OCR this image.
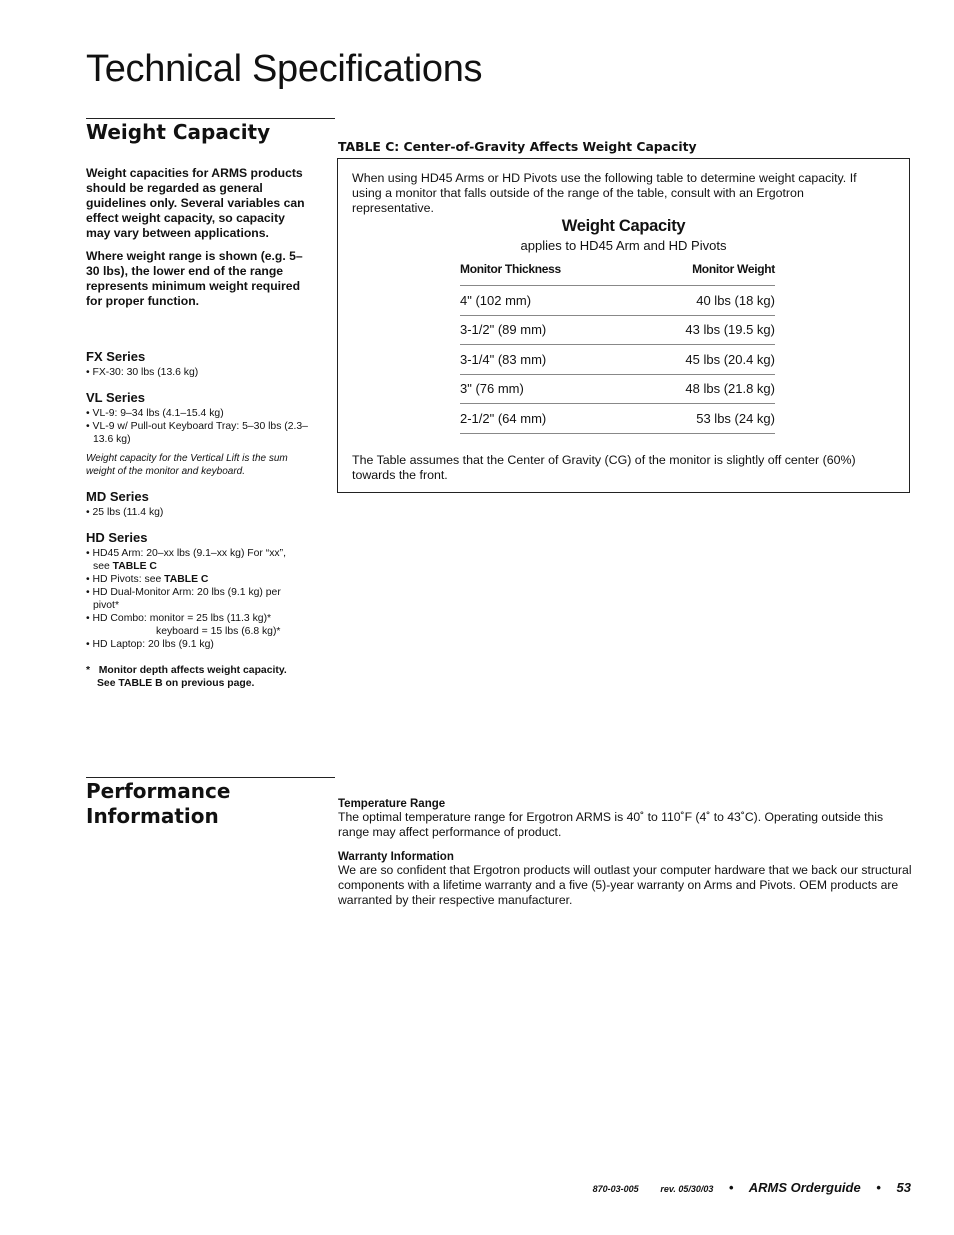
Technical Specifications
Weight Capacity

Weight capacities for ARMS products should be regarded as general guidelines only. Several variables can effect weight capacity, so capacity may vary between applications.

Where weight range is shown (e.g. 5–30 lbs), the lower end of the range represents minimum weight required for proper function.

FX Series
• FX-30: 30 lbs (13.6 kg)
VL Series
• VL-9: 9–34 lbs (4.1–15.4 kg)
• VL-9 w/ Pull-out Keyboard Tray: 5–30 lbs (2.3–13.6 kg)

Weight capacity for the Vertical Lift is the sum weight of the monitor and keyboard.

MD Series
• 25 lbs (11.4 kg)
HD Series
• HD45 Arm: 20–xx lbs (9.1–xx kg) For “xx”, see TABLE C
• HD Pivots: see TABLE C
• HD Dual-Monitor Arm: 20 lbs (9.1 kg) per pivot*
• HD Combo: monitor = 25 lbs (11.3 kg)*
keyboard = 15 lbs (6.8 kg)*
• HD Laptop: 20 lbs (9.1 kg)
* Monitor depth affects weight capacity.
See TABLE B on previous page.
TABLE C: Center-of-Gravity Affects Weight Capacity

When using HD45 Arms or HD Pivots use the following table to determine weight capacity. If using a monitor that falls outside of the range of the table, consult with an Ergotron representative.

Weight Capacity

applies to HD45 Arm and HD Pivots

Monitor Thickness	Monitor Weight
4" (102 mm)	40 lbs (18 kg)
3-1/2" (89 mm)	43 lbs (19.5 kg)
3-1/4" (83 mm)	45 lbs (20.4 kg)
3" (76 mm)	48 lbs (21.8 kg)
2-1/2" (64 mm)	53 lbs (24 kg)

The Table assumes that the Center of Gravity (CG) of the monitor is slightly off center (60%) towards the front.

Performance
Information	Temperature Range

The optimal temperature range for Ergotron ARMS is 40˚ to 110˚F (4˚ to 43˚C). Operating outside this range may affect performance of product.

Warranty Information

We are so confident that Ergotron products will outlast your computer hardware that we back our structural components with a lifetime warranty and a five (5)-year warranty on Arms and Pivots. OEM products are warranted by their respective manufacturer.

870-03-005 rev. 05/30/03 • ARMS Orderguide • 53
